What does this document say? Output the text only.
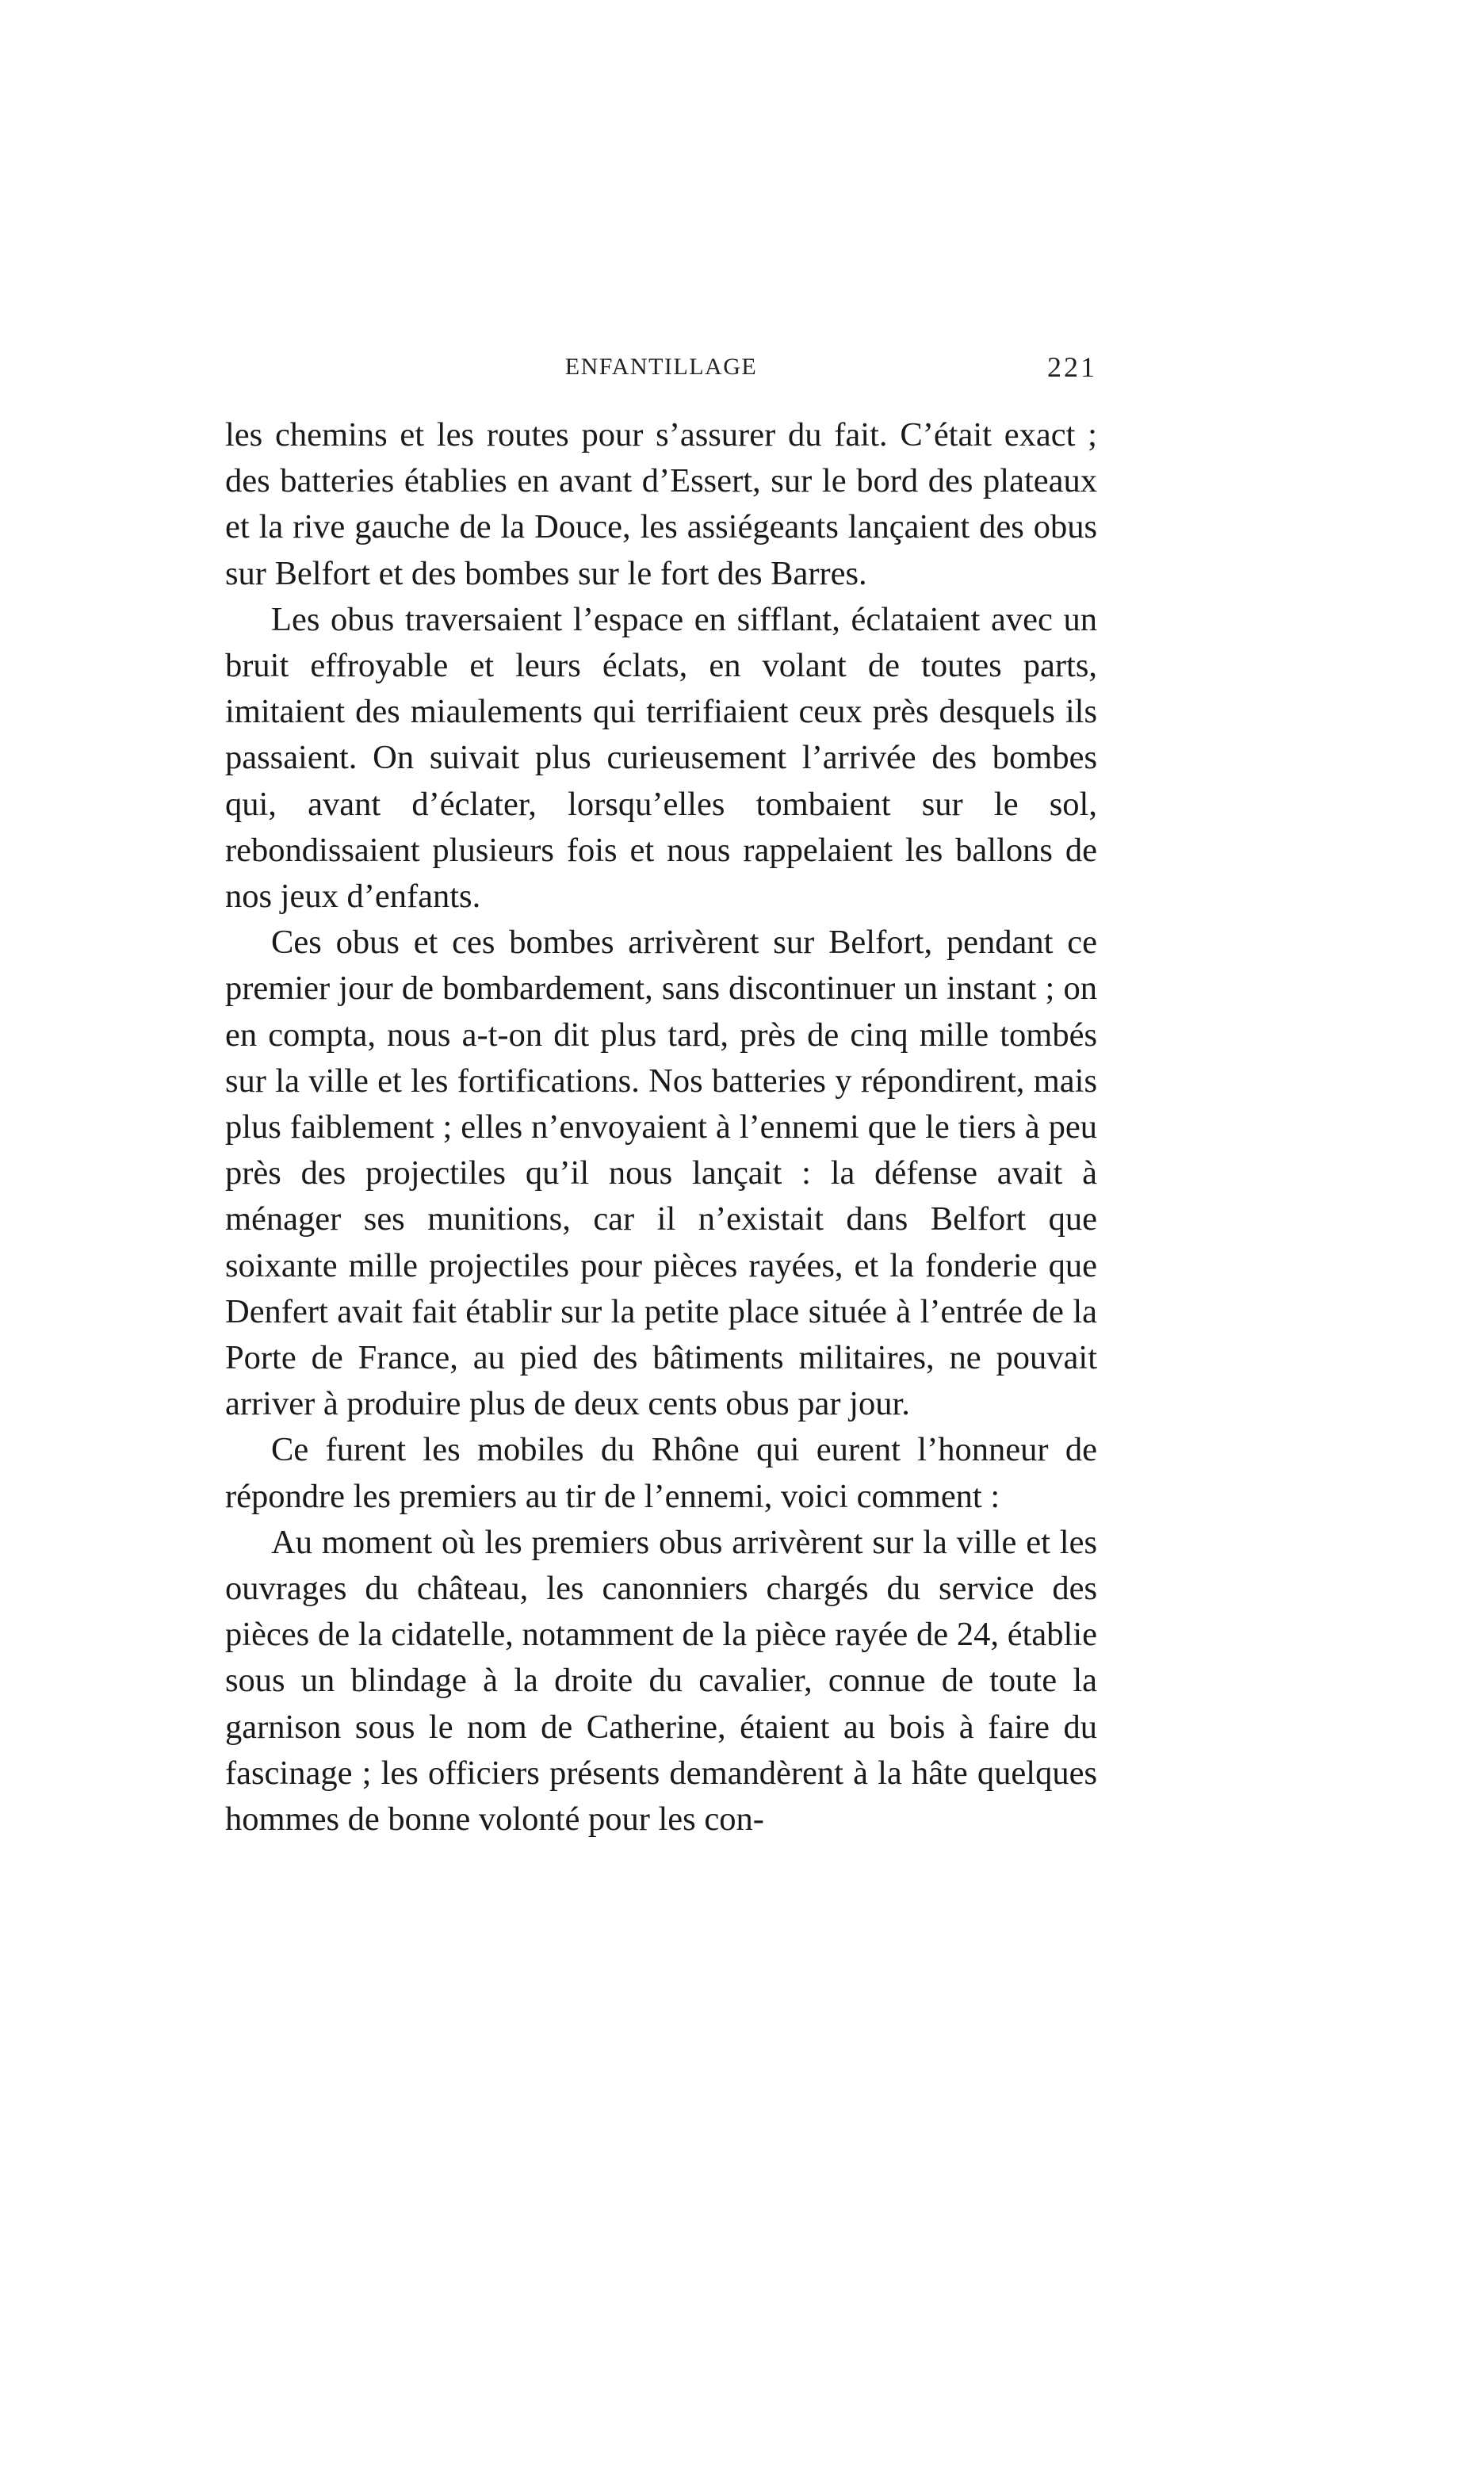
ENFANTILLAGE	221

les chemins et les routes pour s’assurer du fait. C’était exact ; des batteries établies en avant d’Essert, sur le bord des plateaux et la rive gauche de la Douce, les assiégeants lançaient des obus sur Belfort et des bombes sur le fort des Barres.

Les obus traversaient l’espace en sifflant, éclataient avec un bruit effroyable et leurs éclats, en volant de toutes parts, imitaient des miaulements qui terrifiaient ceux près desquels ils passaient. On suivait plus curieusement l’arrivée des bombes qui, avant d’éclater, lorsqu’elles tombaient sur le sol, rebondissaient plusieurs fois et nous rappelaient les ballons de nos jeux d’enfants.

Ces obus et ces bombes arrivèrent sur Belfort, pendant ce premier jour de bombardement, sans discontinuer un instant ; on en compta, nous a-t-on dit plus tard, près de cinq mille tombés sur la ville et les fortifications. Nos batteries y répondirent, mais plus faiblement ; elles n’envoyaient à l’ennemi que le tiers à peu près des projectiles qu’il nous lançait : la défense avait à ménager ses munitions, car il n’existait dans Belfort que soixante mille projectiles pour pièces rayées, et la fonderie que Denfert avait fait établir sur la petite place située à l’entrée de la Porte de France, au pied des bâtiments militaires, ne pouvait arriver à produire plus de deux cents obus par jour.

Ce furent les mobiles du Rhône qui eurent l’honneur de répondre les premiers au tir de l’ennemi, voici comment :

Au moment où les premiers obus arrivèrent sur la ville et les ouvrages du château, les canonniers chargés du service des pièces de la cidatelle, notamment de la pièce rayée de 24, établie sous un blindage à la droite du cavalier, connue de toute la garnison sous le nom de Catherine, étaient au bois à faire du fascinage ; les officiers présents demandèrent à la hâte quelques hommes de bonne volonté pour les con-
